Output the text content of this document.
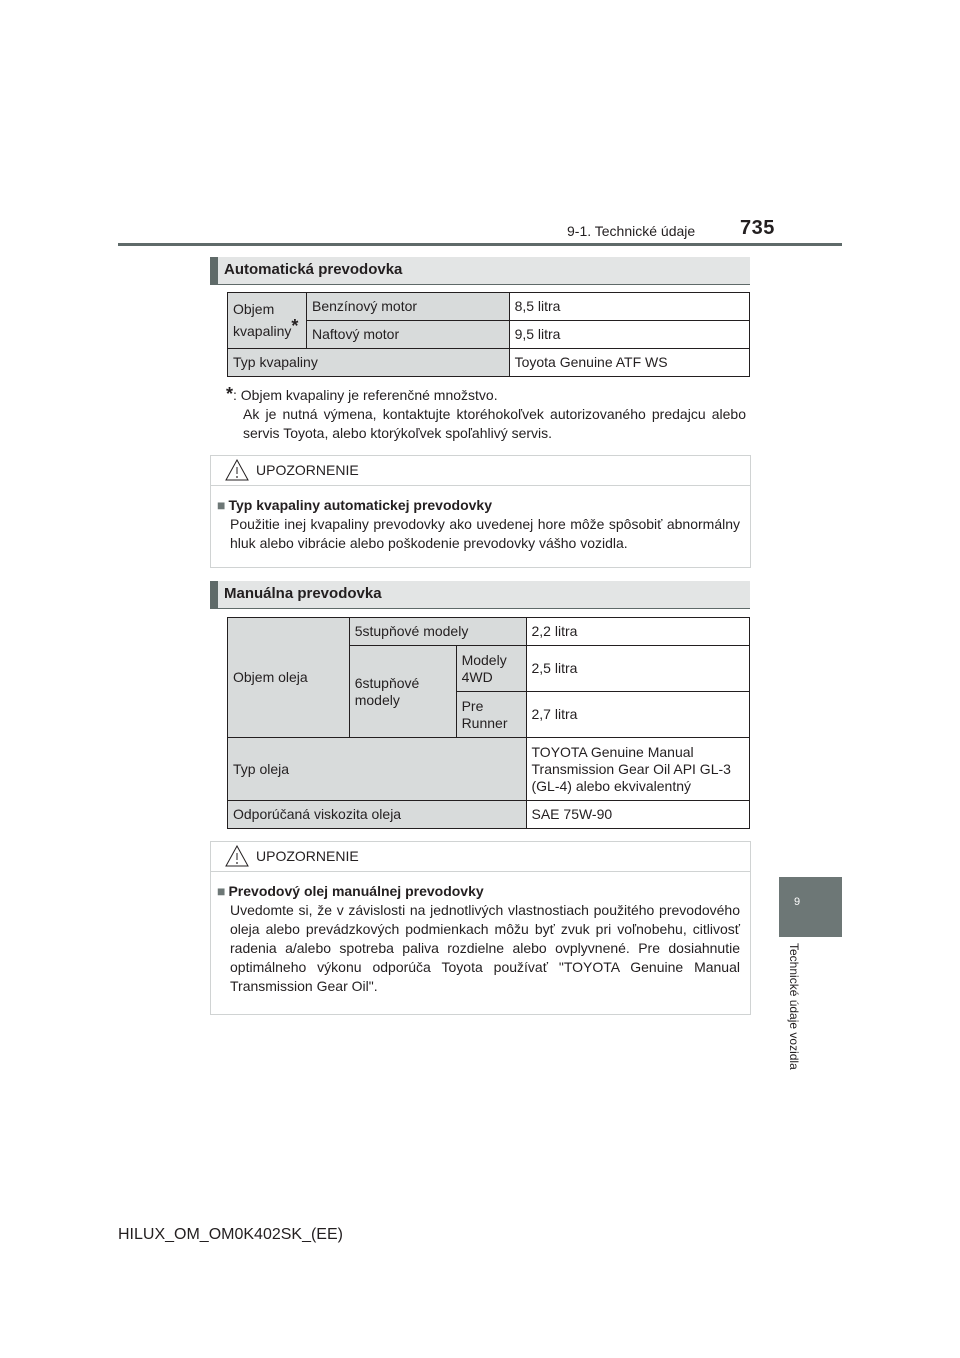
9-1. Technické údaje 735
9
Technické údaje vozidla
Automatická prevodovka
Objem kvapaliny*	Benzínový motor	8,5 litra
	Naftový motor	9,5 litra
Typ kvapaliny		Toyota Genuine ATF WS

*: Objem kvapaliny je referenčné množstvo.

Ak je nutná výmena, kontaktujte ktoréhokoľvek autorizovaného predajcu alebo servis Toyota, alebo ktorýkoľvek spoľahlivý servis.

UPOZORNENIE
■ Typ kvapaliny automatickej prevodovky
Použitie inej kvapaliny prevodovky ako uvedenej hore môže spôsobiť abnormálny hluk alebo vibrácie alebo poškodenie prevodovky vášho vozidla.
Manuálna prevodovka
Objem oleja	5stupňové modely		2,2 litra
	6stupňové modely	Modely 4WD	2,5 litra
		Pre Runner	2,7 litra
Typ oleja			TOYOTA Genuine Manual Transmission Gear Oil API GL-3 (GL-4) alebo ekvivalentný
Odporúčaná viskozita oleja			SAE 75W-90
UPOZORNENIE
■ Prevodový olej manuálnej prevodovky
Uvedomte si, že v závislosti na jednotlivých vlastnostiach použitého prevodového oleja alebo prevádzkových podmienkach môžu byť zvuk pri voľnobehu, citlivosť radenia a/alebo spotreba paliva rozdielne alebo ovplyvnené. Pre dosiahnutie optimálneho výkonu odporúča Toyota používať "TOYOTA Genuine Manual Transmission Gear Oil".
HILUX_OM_OM0K402SK_(EE)
